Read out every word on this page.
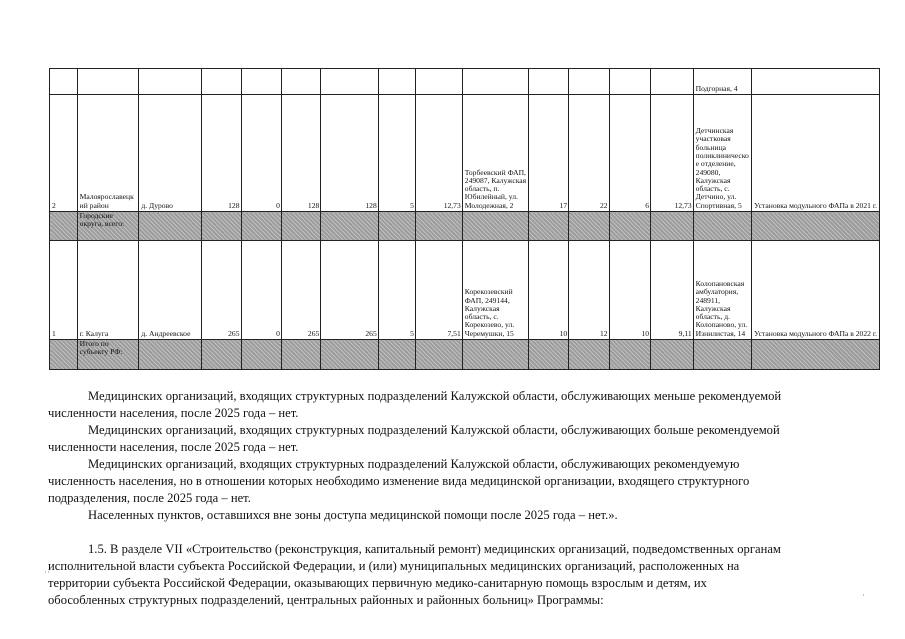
														Подгорная, 4	
2	Малоярославецкий район	д. Дурово	128	0	128	128	5	12,73	Торбеевский ФАП, 249087, Калужская область, п. Юбилейный, ул. Молодежная, 2	17	22	6	12,73	Детчинская участковая больница поликлиническое отделение, 249080, Калужская область, с. Детчино, ул. Спортивная, 5	Установка модульного ФАПа в 2021 г.
	Городские округа, всего:														
1	г. Калуга	д. Андреевское	265	0	265	265	5	7,51	Корекозевский ФАП, 249144, Калужская область, с. Корекозево, ул. Черемушки, 15	10	12	10	9,11	Колопановская амбулатория, 248911, Калужская область, д. Колопаново, ул. Изнилистая, 14	Установка модульного ФАПа в 2022 г.
	Итого по субъекту РФ:														

Медицинских организаций, входящих структурных подразделений Калужской области, обслуживающих меньше рекомендуемой

численности населения, после 2025 года – нет.

Медицинских организаций, входящих структурных подразделений Калужской области, обслуживающих больше рекомендуемой

численности населения, после 2025 года – нет.

Медицинских организаций, входящих структурных подразделений Калужской области, обслуживающих рекомендуемую

численность населения, но в отношении которых необходимо изменение вида медицинской организации, входящего структурного

подразделения, после 2025 года – нет.

Населенных пунктов, оставшихся вне зоны доступа медицинской помощи после 2025 года – нет.».

1.5. В разделе VII «Строительство (реконструкция, капитальный ремонт) медицинских организаций, подведомственных органам

исполнительной власти субъекта Российской Федерации, и (или) муниципальных медицинских организаций, расположенных на

территории субъекта Российской Федерации, оказывающих первичную медико-санитарную помощь взрослым и детям, их

обособленных структурных подразделений, центральных районных и районных больниц» Программы:

··
·
